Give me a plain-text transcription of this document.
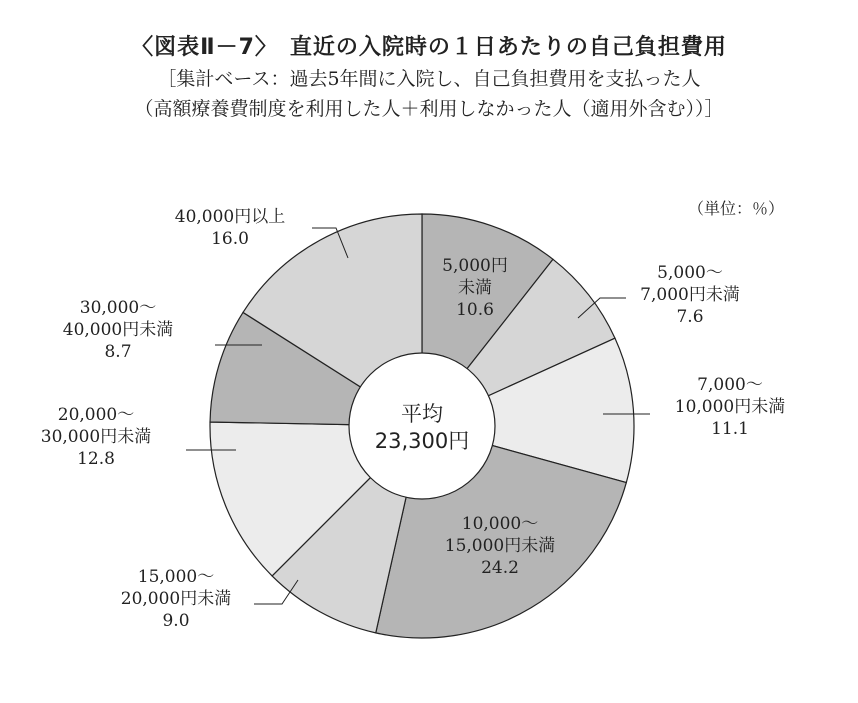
〈図表Ⅱ－7〉　直近の入院時の１日あたりの自己負担費用
［集計ベース：過去5年間に入院し、自己負担費用を支払った人
（高額療養費制度を利用した人＋利用しなかった人（適用外含む））］
（単位：％）
平均
23,300円
5,000円
未満
10.6
5,000～
7,000円未満
7.6
7,000～
10,000円未満
11.1
10,000～
15,000円未満
24.2
15,000～
20,000円未満
9.0
20,000～
30,000円未満
12.8
30,000～
40,000円未満
8.7
40,000円以上
16.0
